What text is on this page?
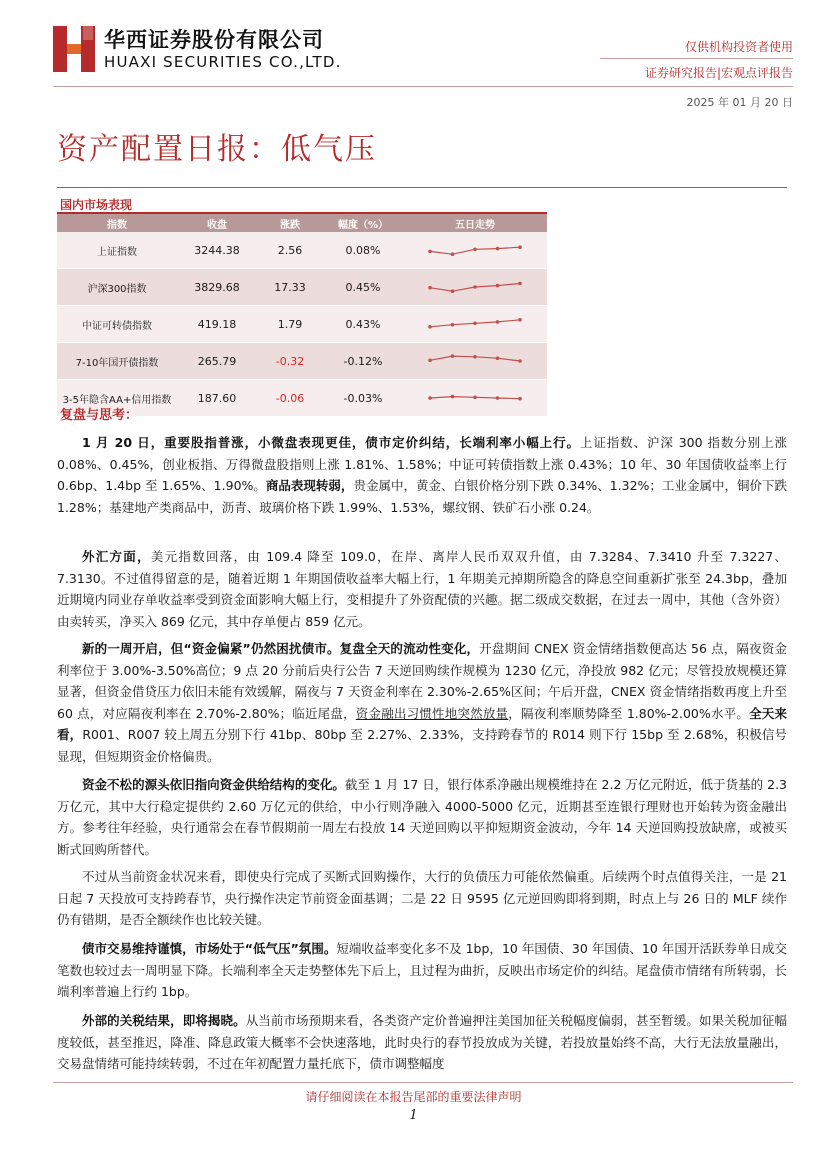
华西证券股份有限公司
HUAXI SECURITIES CO.,LTD.
仅供机构投资者使用
证券研究报告|宏观点评报告
2025 年 01 月 20 日
资产配置日报：低气压
国内市场表现
指数	收盘	涨跌	幅度（%）	五日走势
上证指数	3244.38	2.56	0.08%	

沪深300指数	3829.68	17.33	0.45%	

中证可转债指数	419.18	1.79	0.43%	

7-10年国开债指数	265.79	-0.32	-0.12%	

3-5年隐含AA+信用指数	187.60	-0.06	-0.03%	
复盘与思考：
1 月 20 日，重要股指普涨，小微盘表现更佳，债市定价纠结，长端利率小幅上行。上证指数、沪深 300 指数分别上涨 0.08%、0.45%，创业板指、万得微盘股指则上涨 1.81%、1.58%；中证可转债指数上涨 0.43%；10 年、30 年国债收益率上行 0.6bp、1.4bp 至 1.65%、1.90%。商品表现转弱，贵金属中，黄金、白银价格分别下跌 0.34%、1.32%；工业金属中，铜价下跌 1.28%；基建地产类商品中，沥青、玻璃价格下跌 1.99%、1.53%，螺纹钢、铁矿石小涨 0.24。
外汇方面，美元指数回落，由 109.4 降至 109.0，在岸、离岸人民币双双升值，由 7.3284、7.3410 升至 7.3227、7.3130。不过值得留意的是，随着近期 1 年期国债收益率大幅上行，1 年期美元掉期所隐含的降息空间重新扩张至 24.3bp，叠加近期境内同业存单收益率受到资金面影响大幅上行，变相提升了外资配债的兴趣。据二级成交数据，在过去一周中，其他（含外资）由卖转买，净买入 869 亿元，其中存单便占 859 亿元。
新的一周开启，但“资金偏紧”仍然困扰债市。复盘全天的流动性变化，开盘期间 CNEX 资金情绪指数便高达 56 点，隔夜资金利率位于 3.00%-3.50%高位；9 点 20 分前后央行公告 7 天逆回购续作规模为 1230 亿元，净投放 982 亿元；尽管投放规模还算显著，但资金借贷压力依旧未能有效缓解，隔夜与 7 天资金利率在 2.30%-2.65%区间；午后开盘，CNEX 资金情绪指数再度上升至 60 点，对应隔夜利率在 2.70%-2.80%；临近尾盘，资金融出习惯性地突然放量，隔夜利率顺势降至 1.80%-2.00%水平。全天来看，R001、R007 较上周五分别下行 41bp、80bp 至 2.27%、2.33%，支持跨春节的 R014 则下行 15bp 至 2.68%，积极信号显现，但短期资金价格偏贵。
资金不松的源头依旧指向资金供给结构的变化。截至 1 月 17 日，银行体系净融出规模维持在 2.2 万亿元附近，低于货基的 2.3 万亿元，其中大行稳定提供约 2.60 万亿元的供给，中小行则净融入 4000-5000 亿元，近期甚至连银行理财也开始转为资金融出方。参考往年经验，央行通常会在春节假期前一周左右投放 14 天逆回购以平抑短期资金波动，今年 14 天逆回购投放缺席，或被买断式回购所替代。
不过从当前资金状况来看，即使央行完成了买断式回购操作，大行的负债压力可能依然偏重。后续两个时点值得关注，一是 21 日起 7 天投放可支持跨春节，央行操作决定节前资金面基调；二是 22 日 9595 亿元逆回购即将到期，时点上与 26 日的 MLF 续作仍有错期，是否全额续作也比较关键。
债市交易维持谨慎，市场处于“低气压”氛围。短端收益率变化多不及 1bp，10 年国债、30 年国债、10 年国开活跃券单日成交笔数也较过去一周明显下降。长端利率全天走势整体先下后上，且过程为曲折，反映出市场定价的纠结。尾盘债市情绪有所转弱，长端利率普遍上行约 1bp。
外部的关税结果，即将揭晓。从当前市场预期来看，各类资产定价普遍押注美国加征关税幅度偏弱，甚至暂缓。如果关税加征幅度较低，甚至推迟，降准、降息政策大概率不会快速落地，此时央行的春节投放成为关键，若投放量始终不高，大行无法放量融出，交易盘情绪可能持续转弱，不过在年初配置力量托底下，债市调整幅度
请仔细阅读在本报告尾部的重要法律声明
1
